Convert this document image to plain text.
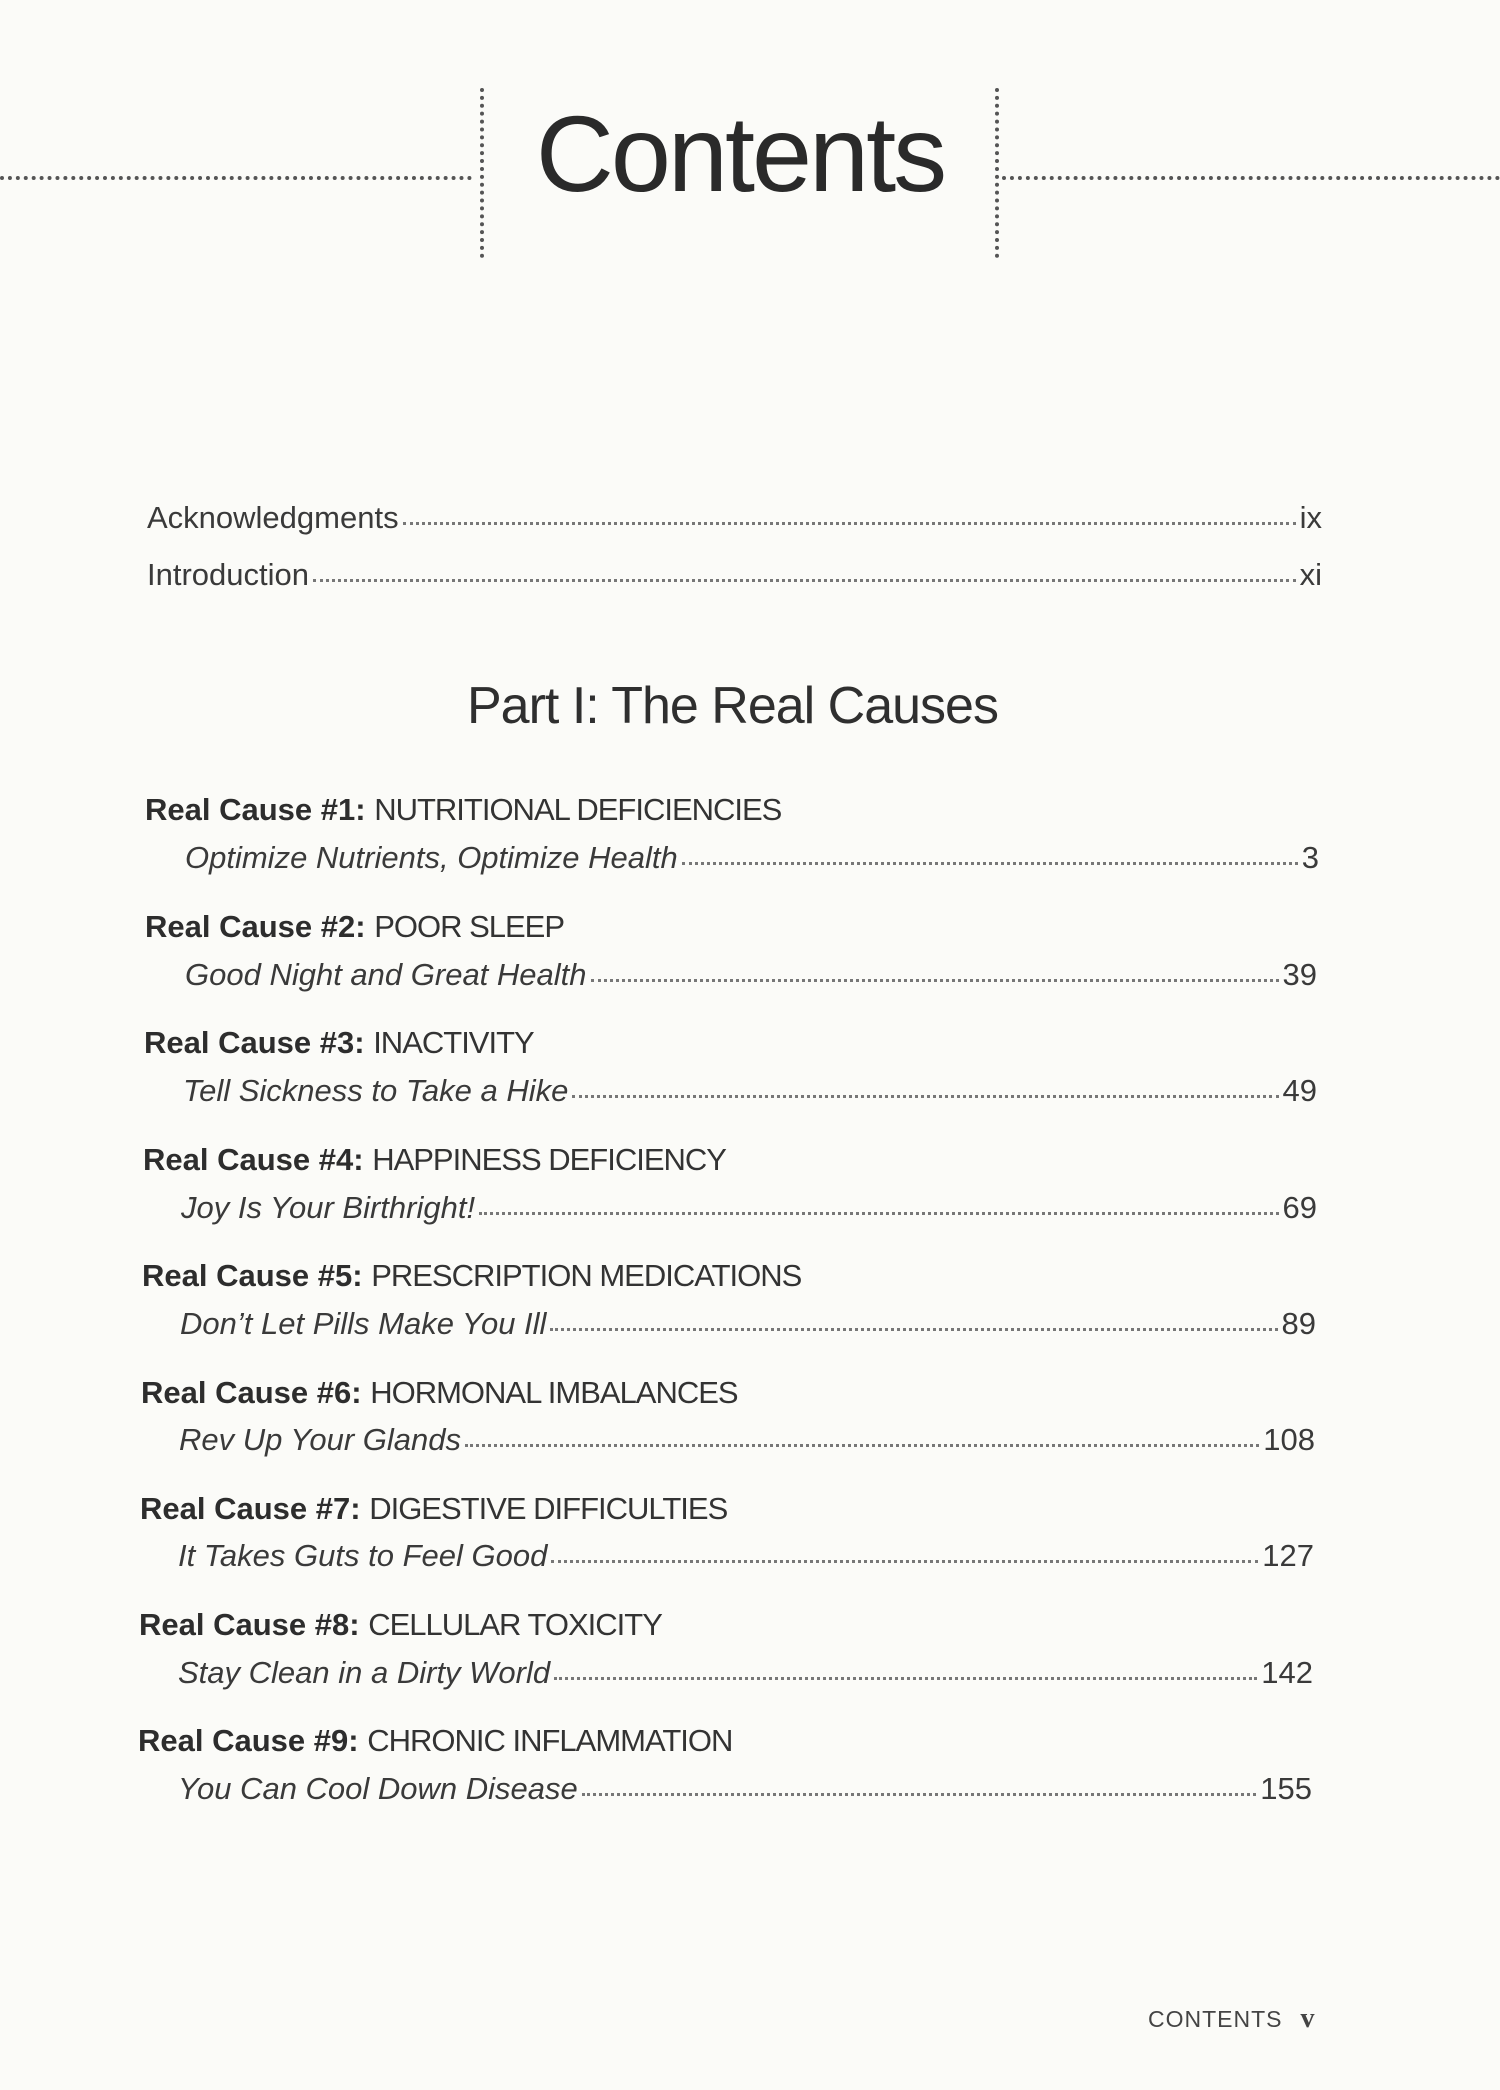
Contents
Acknowledgments	ix
Introduction	xi
Part I: The Real Causes
Real Cause #1: NUTRITIONAL DEFICIENCIES
Optimize Nutrients, Optimize Health	3
Real Cause #2: POOR SLEEP
Good Night and Great Health	39
Real Cause #3: INACTIVITY
Tell Sickness to Take a Hike	49
Real Cause #4: HAPPINESS DEFICIENCY
Joy Is Your Birthright!	69
Real Cause #5: PRESCRIPTION MEDICATIONS
Don’t Let Pills Make You Ill	89
Real Cause #6: HORMONAL IMBALANCES
Rev Up Your Glands	108
Real Cause #7: DIGESTIVE DIFFICULTIES
It Takes Guts to Feel Good	127
Real Cause #8: CELLULAR TOXICITY
Stay Clean in a Dirty World	142
Real Cause #9: CHRONIC INFLAMMATION
You Can Cool Down Disease	155
CONTENTS v
